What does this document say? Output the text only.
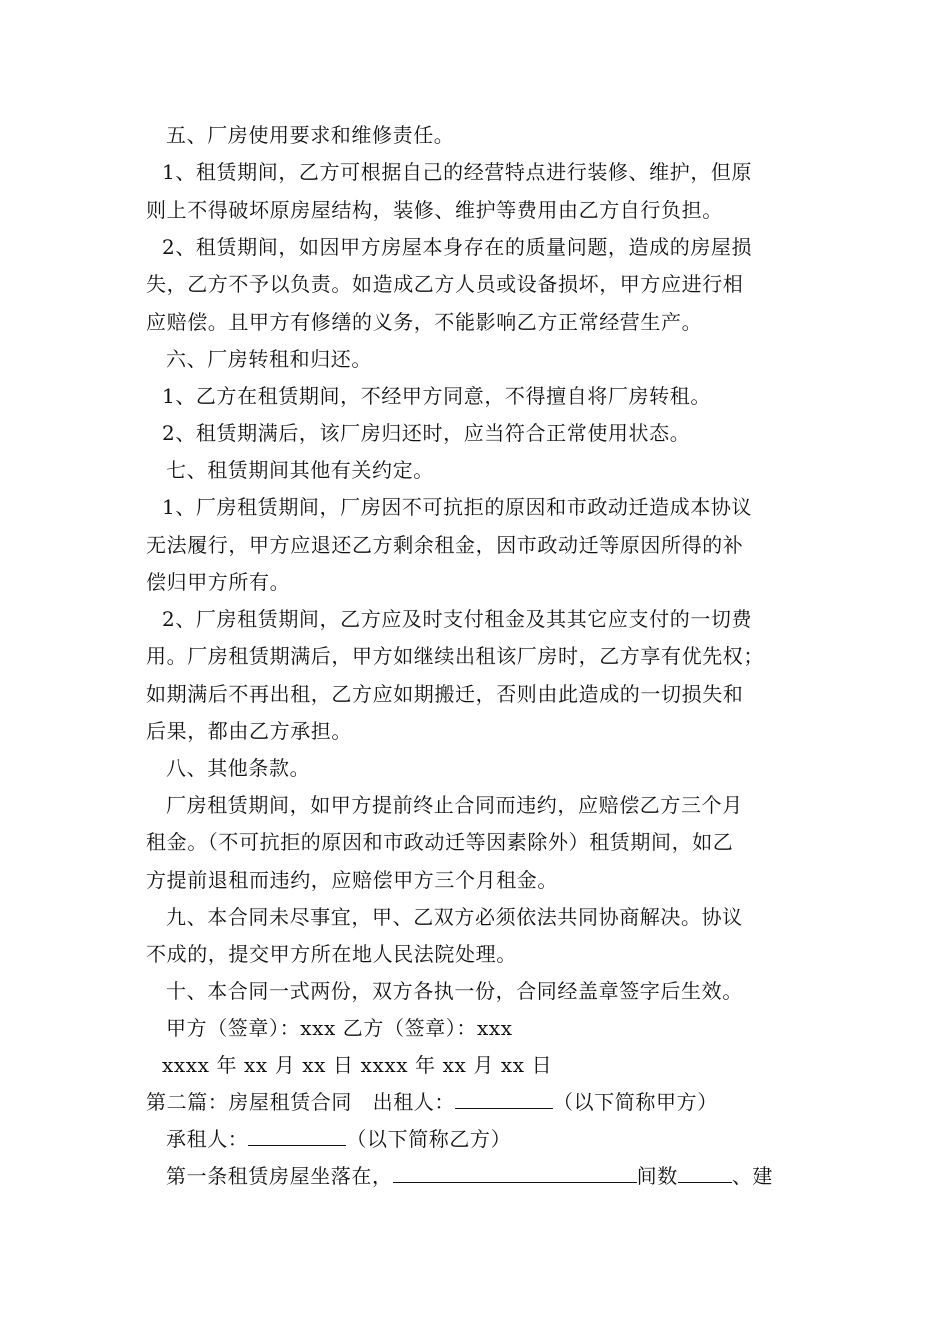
五、厂房使用要求和维修责任。
1、租赁期间，乙方可根据自己的经营特点进行装修、维护，但原
则上不得破坏原房屋结构，装修、维护等费用由乙方自行负担。
2、租赁期间，如因甲方房屋本身存在的质量问题，造成的房屋损
失，乙方不予以负责。如造成乙方人员或设备损坏，甲方应进行相
应赔偿。且甲方有修缮的义务，不能影响乙方正常经营生产。
六、厂房转租和归还。
1、乙方在租赁期间，不经甲方同意，不得擅自将厂房转租。
2、租赁期满后，该厂房归还时，应当符合正常使用状态。
七、租赁期间其他有关约定。
1、厂房租赁期间，厂房因不可抗拒的原因和市政动迁造成本协议
无法履行，甲方应退还乙方剩余租金，因市政动迁等原因所得的补
偿归甲方所有。
2、厂房租赁期间，乙方应及时支付租金及其其它应支付的一切费
用。厂房租赁期满后，甲方如继续出租该厂房时，乙方享有优先权；
如期满后不再出租，乙方应如期搬迁，否则由此造成的一切损失和
后果，都由乙方承担。
八、其他条款。
厂房租赁期间，如甲方提前终止合同而违约，应赔偿乙方三个月
租金。（不可抗拒的原因和市政动迁等因素除外）租赁期间，如乙
方提前退租而违约，应赔偿甲方三个月租金。
九、本合同未尽事宜，甲、乙双方必须依法共同协商解决。协议
不成的，提交甲方所在地人民法院处理。
十、本合同一式两份，双方各执一份，合同经盖章签字后生效。
甲方（签章）：xxx 乙方（签章）：xxx
xxxx 年 xx 月 xx 日 xxxx 年 xx 月 xx 日
第二篇：房屋租赁合同　出租人：	（以下简称甲方）
承租人：	（以下简称乙方）
第一条租赁房屋坐落在，	间数	、建
